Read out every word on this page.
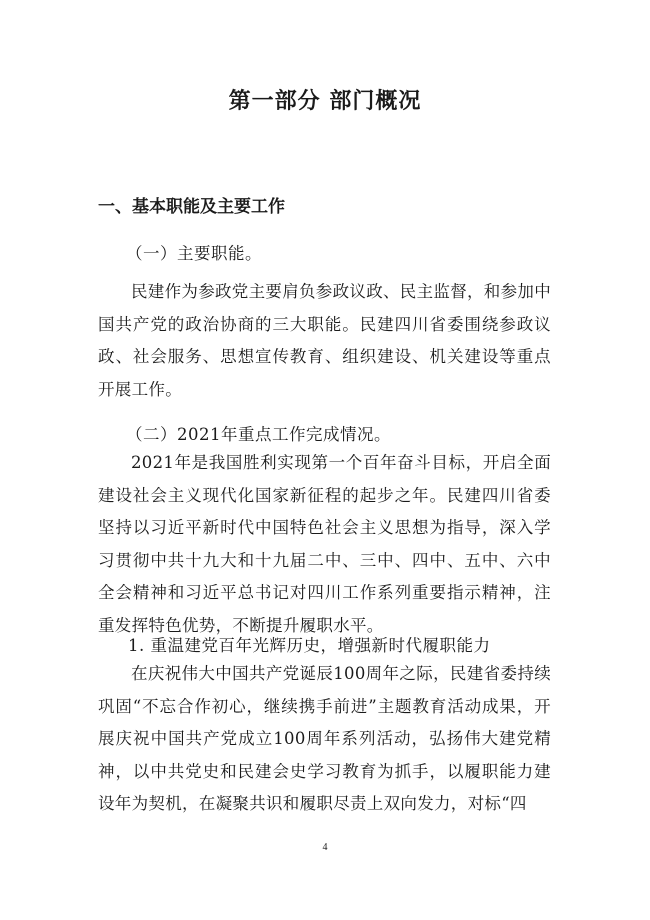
第一部分 部门概况
一、基本职能及主要工作
（一）主要职能。

民建作为参政党主要肩负参政议政、民主监督，和参加中国共产党的政治协商的三大职能。民建四川省委围绕参政议政、社会服务、思想宣传教育、组织建设、机关建设等重点开展工作。

（二）2021年重点工作完成情况。

2021年是我国胜利实现第一个百年奋斗目标，开启全面建设社会主义现代化国家新征程的起步之年。民建四川省委坚持以习近平新时代中国特色社会主义思想为指导，深入学习贯彻中共十九大和十九届二中、三中、四中、五中、六中全会精神和习近平总书记对四川工作系列重要指示精神，注重发挥特色优势，不断提升履职水平。

1. 重温建党百年光辉历史，增强新时代履职能力

在庆祝伟大中国共产党诞辰100周年之际，民建省委持续巩固“不忘合作初心，继续携手前进”主题教育活动成果，开展庆祝中国共产党成立100周年系列活动，弘扬伟大建党精神，以中共党史和民建会史学习教育为抓手，以履职能力建设年为契机，在凝聚共识和履职尽责上双向发力，对标“四

4
